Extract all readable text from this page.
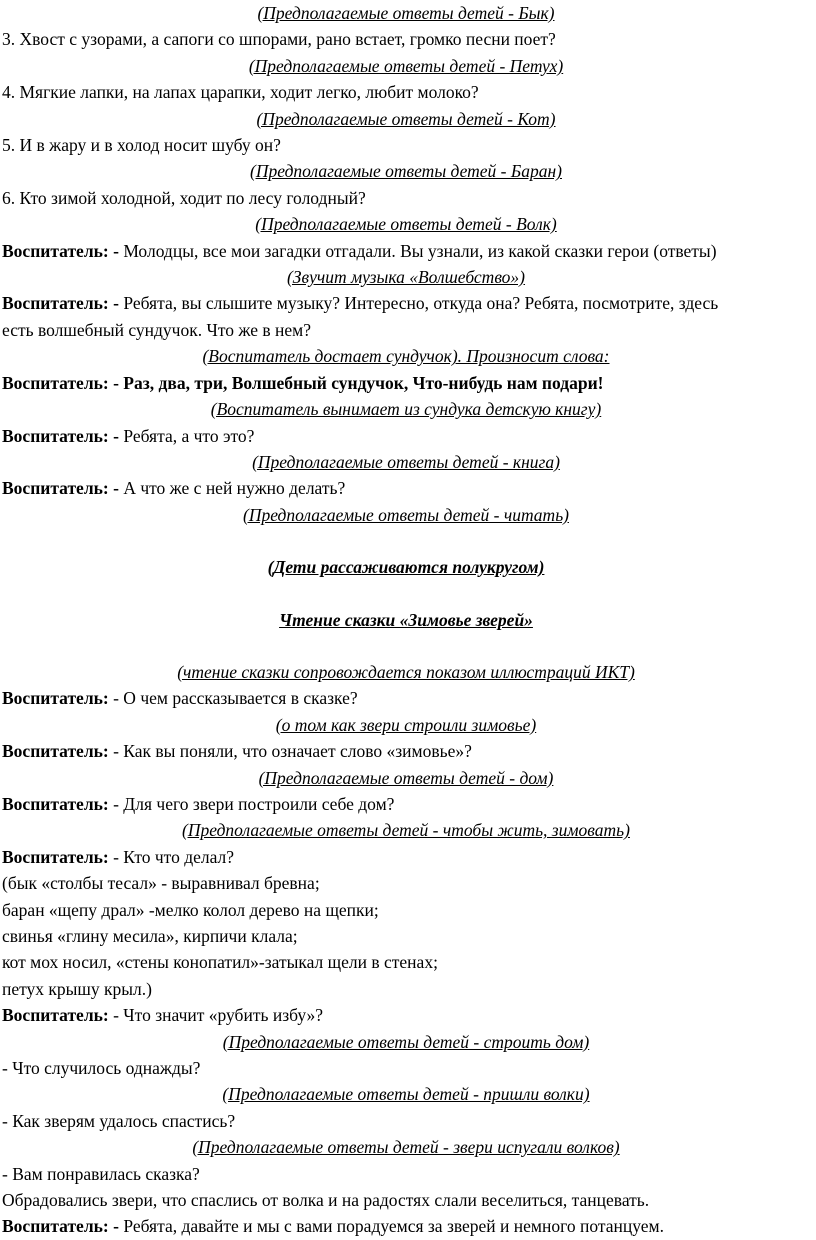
(Предполагаемые ответы детей - Бык)
3. Хвост с узорами, а сапоги со шпорами, рано встает, громко песни поет?
(Предполагаемые ответы детей - Петух)
4. Мягкие лапки, на лапах царапки, ходит легко, любит молоко?
(Предполагаемые ответы детей - Кот)
5. И в жару и в холод носит шубу он?
(Предполагаемые ответы детей - Баран)
6. Кто зимой холодной, ходит по лесу голодный?
(Предполагаемые ответы детей - Волк)
Воспитатель: - Молодцы, все мои загадки отгадали. Вы узнали, из какой сказки герои (ответы)
(Звучит музыка «Волшебство»)
Воспитатель: - Ребята, вы слышите музыку? Интересно, откуда она? Ребята, посмотрите, здесь
есть волшебный сундучок. Что же в нем?
(Воспитатель достает сундучок). Произносит слова:
Воспитатель: - Раз, два, три, Волшебный сундучок, Что-нибудь нам подари!
(Воспитатель вынимает из сундука детскую книгу)
Воспитатель: - Ребята, а что это?
(Предполагаемые ответы детей - книга)
Воспитатель: - А что же с ней нужно делать?
(Предполагаемые ответы детей - читать)
(Дети рассаживаются полукругом)
Чтение сказки «Зимовье зверей»
(чтение сказки сопровождается показом иллюстраций ИКТ)
Воспитатель: - О чем рассказывается в сказке?
(о том как звери строили зимовье)
Воспитатель: - Как вы поняли, что означает слово «зимовье»?
(Предполагаемые ответы детей - дом)
Воспитатель: - Для чего звери построили себе дом?
(Предполагаемые ответы детей - чтобы жить, зимовать)
Воспитатель: - Кто что делал?
(бык «столбы тесал» - выравнивал бревна;
баран «щепу драл» -мелко колол дерево на щепки;
свинья «глину месила», кирпичи клала;
кот мох носил, «стены конопатил»-затыкал щели в стенах;
петух крышу крыл.)
Воспитатель: - Что значит «рубить избу»?
(Предполагаемые ответы детей - строить дом)
- Что случилось однажды?
(Предполагаемые ответы детей - пришли волки)
- Как зверям удалось спастись?
(Предполагаемые ответы детей - звери испугали волков)
- Вам понравилась сказка?
Обрадовались звери, что спаслись от волка и на радостях слали веселиться, танцевать.
Воспитатель: - Ребята, давайте и мы с вами порадуемся за зверей и немного потанцуем.
